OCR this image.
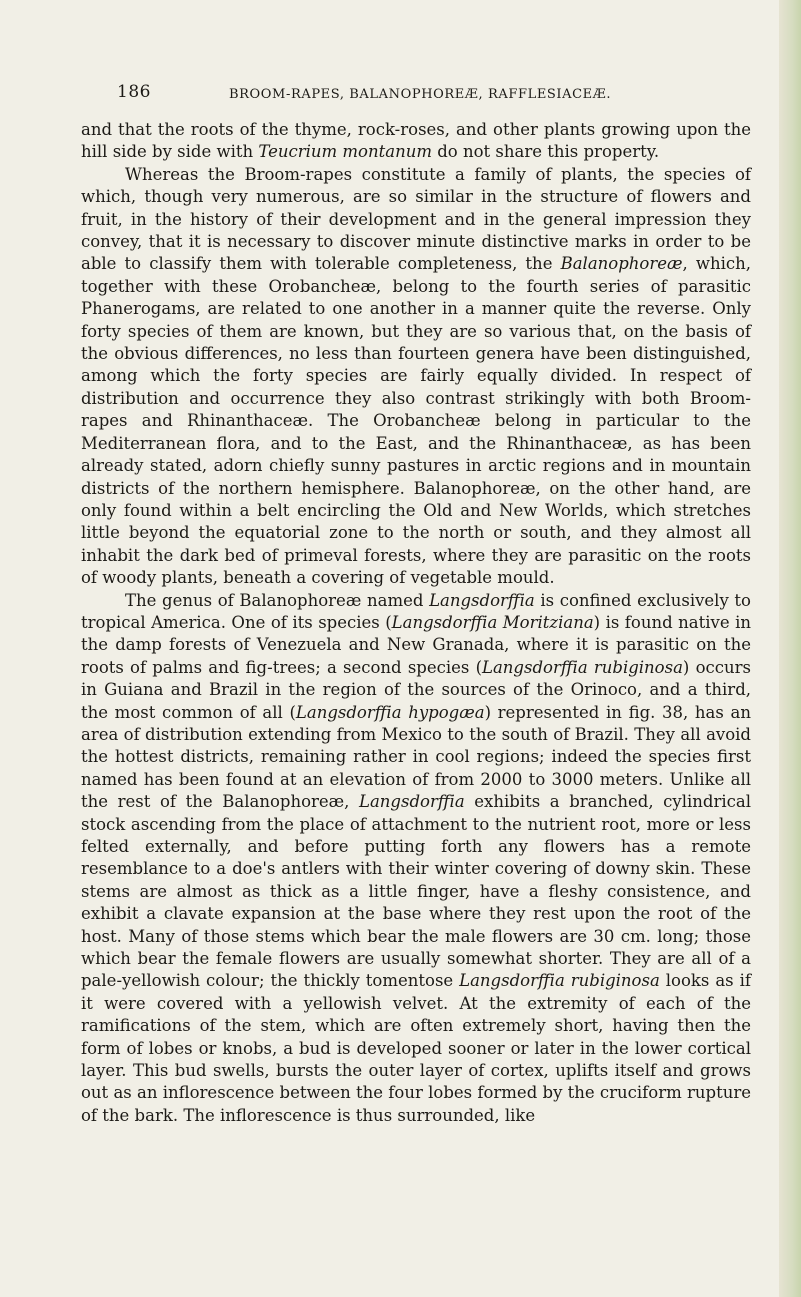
186	BROOM-RAPES, BALANOPHOREÆ, RAFFLESIACEÆ.

and that the roots of the thyme, rock-roses, and other plants growing upon the hill side by side with Teucrium montanum do not share this property.

Whereas the Broom-rapes constitute a family of plants, the species of which, though very numerous, are so similar in the structure of flowers and fruit, in the history of their development and in the general impression they convey, that it is necessary to discover minute distinctive marks in order to be able to classify them with tolerable completeness, the Balanophoreæ, which, together with these Orobancheæ, belong to the fourth series of parasitic Phanerogams, are related to one another in a manner quite the reverse. Only forty species of them are known, but they are so various that, on the basis of the obvious differences, no less than fourteen genera have been distinguished, among which the forty species are fairly equally divided. In respect of distribution and occurrence they also contrast strikingly with both Broom-rapes and Rhinanthaceæ. The Orobancheæ belong in particular to the Mediterranean flora, and to the East, and the Rhinanthaceæ, as has been already stated, adorn chiefly sunny pastures in arctic regions and in mountain districts of the northern hemisphere. Balanophoreæ, on the other hand, are only found within a belt encircling the Old and New Worlds, which stretches little beyond the equatorial zone to the north or south, and they almost all inhabit the dark bed of primeval forests, where they are parasitic on the roots of woody plants, beneath a covering of vegetable mould.

The genus of Balanophoreæ named Langsdorffia is confined exclusively to tropical America. One of its species (Langsdorffia Moritziana) is found native in the damp forests of Venezuela and New Granada, where it is parasitic on the roots of palms and fig-trees; a second species (Langsdorffia rubiginosa) occurs in Guiana and Brazil in the region of the sources of the Orinoco, and a third, the most common of all (Langsdorffia hypogæa) represented in fig. 38, has an area of distribution extending from Mexico to the south of Brazil. They all avoid the hottest districts, remaining rather in cool regions; indeed the species first named has been found at an elevation of from 2000 to 3000 meters. Unlike all the rest of the Balanophoreæ, Langsdorffia exhibits a branched, cylindrical stock ascending from the place of attachment to the nutrient root, more or less felted externally, and before putting forth any flowers has a remote resemblance to a doe's antlers with their winter covering of downy skin. These stems are almost as thick as a little finger, have a fleshy consistence, and exhibit a clavate expansion at the base where they rest upon the root of the host. Many of those stems which bear the male flowers are 30 cm. long; those which bear the female flowers are usually somewhat shorter. They are all of a pale-yellowish colour; the thickly tomentose Langsdorffia rubiginosa looks as if it were covered with a yellowish velvet. At the extremity of each of the ramifications of the stem, which are often extremely short, having then the form of lobes or knobs, a bud is developed sooner or later in the lower cortical layer. This bud swells, bursts the outer layer of cortex, uplifts itself and grows out as an inflorescence between the four lobes formed by the cruciform rupture of the bark. The inflorescence is thus surrounded, like
